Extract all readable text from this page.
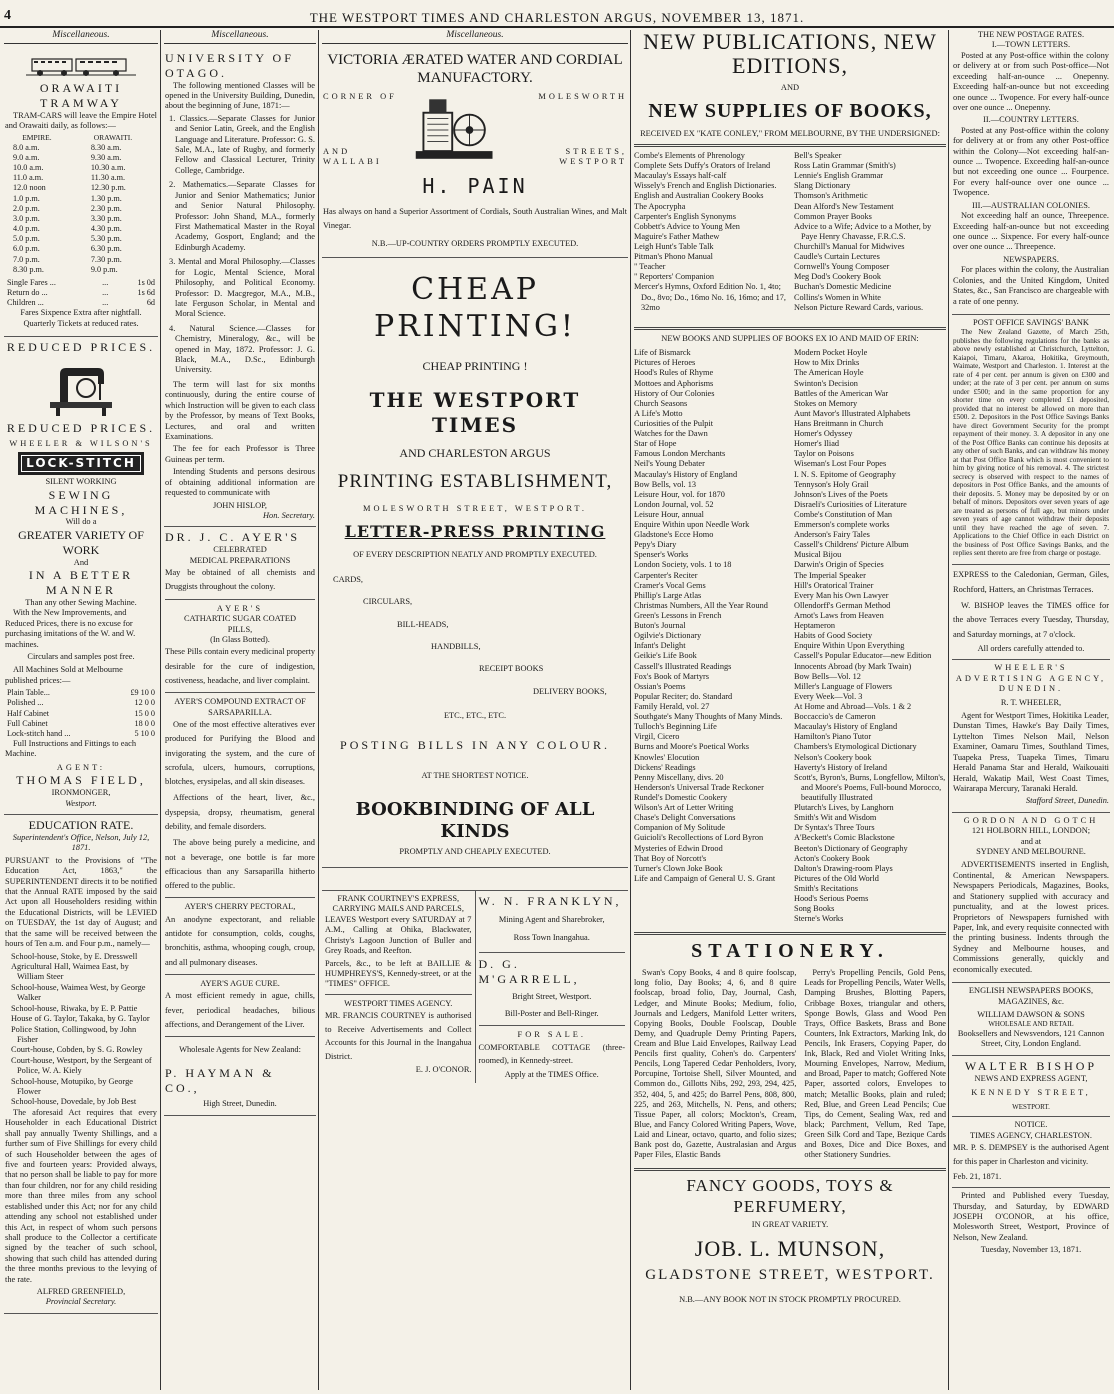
4	THE WESTPORT TIMES AND CHARLESTON ARGUS, NOVEMBER 13, 1871.
Miscellaneous.
ORAWAITI TRAMWAY

TRAM-CARS will leave the Empire Hotel and Orawaiti daily, as follows:—

EMPIRE.	ORAWAITI.
8.0 a.m.	8.30 a.m.
9.0 a.m.	9.30 a.m.
10.0 a.m.	10.30 a.m.
11.0 a.m.	11.30 a.m.
12.0 noon	12.30 p.m.
1.0 p.m.	1.30 p.m.
2.0 p.m.	2.30 p.m.
3.0 p.m.	3.30 p.m.
4.0 p.m.	4.30 p.m.
5.0 p.m.	5.30 p.m.
6.0 p.m.	6.30 p.m.
7.0 p.m.	7.30 p.m.
8.30 p.m.	9.0 p.m.
Single Fares ...	...	1s 0d
Return do ...	...	1s 6d
Children ...	...	6d

Fares Sixpence Extra after nightfall. Quarterly Tickets at reduced rates.

REDUCED PRICES.
REDUCED PRICES.
WHEELER & WILSON'S
LOCK-STITCH
SILENT WORKING
SEWING MACHINES,
Will do a
GREATER VARIETY OF WORK
And
IN A BETTER MANNER
Than any other Sewing Machine.

With the New Improvements, and Reduced Prices, there is no excuse for purchasing imitations of the W. and W. machines.

Circulars and samples post free.

All Machines Sold at Melbourne published prices:—

Plain Table...	£9 10 0
Polished ...	12 0 0
Half Cabinet	15 0 0
Full Cabinet	18 0 0
Lock-stitch hand ...	5 10 0

Full Instructions and Fittings to each Machine.

AGENT:
THOMAS FIELD,
IRONMONGER,
Westport.
EDUCATION RATE.

Superintendent's Office, Nelson, July 12, 1871.

PURSUANT to the Provisions of "The Education Act, 1863," the SUPERINTENDENT directs it to be notified that the Annual RATE imposed by the said Act upon all Householders residing within the Educational Districts, will be LEVIED on TUESDAY, the 1st day of August; and that the same will be received between the hours of Ten a.m. and Four p.m., namely—

School-house, Stoke, by E. Dresswell
Agricultural Hall, Waimea East, by William Steer
School-house, Waimea West, by George Walker
School-house, Riwaka, by E. P. Pattie
House of G. Taylor, Takaka, by G. Taylor
Police Station, Collingwood, by John Fisher
Court-house, Cobden, by S. G. Rowley
Court-house, Westport, by the Sergeant of Police, W. A. Kiely
School-house, Motupiko, by George Flower
School-house, Dovedale, by Job Best

The aforesaid Act requires that every Householder in each Educational District shall pay annually Twenty Shillings, and a further sum of Five Shillings for every child of such Householder between the ages of five and fourteen years: Provided always, that no person shall be liable to pay for more than four children, nor for any child residing more than three miles from any school established under this Act; nor for any child attending any school not established under this Act, in respect of whom such persons shall produce to the Collector a certificate signed by the teacher of such school, showing that such child has attended during the three months previous to the levying of the rate.

ALFRED GREENFIELD,
Provincial Secretary.
Miscellaneous.
UNIVERSITY OF OTAGO.

The following mentioned Classes will be opened in the University Building, Dunedin, about the beginning of June, 1871:—

1. Classics.—Separate Classes for Junior and Senior Latin, Greek, and the English Language and Literature. Professor: G. S. Sale, M.A., late of Rugby, and formerly Fellow and Classical Lecturer, Trinity College, Cambridge.

2. Mathematics.—Separate Classes for Junior and Senior Mathematics; Junior and Senior Natural Philosophy. Professor: John Shand, M.A., formerly First Mathematical Master in the Royal Academy, Gosport, England; and the Edinburgh Academy.

3. Mental and Moral Philosophy.—Classes for Logic, Mental Science, Moral Philosophy, and Political Economy. Professor: D. Macgregor, M.A., M.B., late Ferguson Scholar, in Mental and Moral Science.

4. Natural Science.—Classes for Chemistry, Mineralogy, &c., will be opened in May, 1872. Professor: J. G. Black, M.A., D.Sc., Edinburgh University.

The term will last for six months continuously, during the entire course of which Instruction will be given to each class by the Professor, by means of Text Books, Lectures, and oral and written Examinations.

The fee for each Professor is Three Guineas per term.

Intending Students and persons desirous of obtaining additional information are requested to communicate with

JOHN HISLOP,
Hon. Secretary.
DR. J. C. AYER'S
CELEBRATED
MEDICAL PREPARATIONS

May be obtained of all chemists and Druggists throughout the colony.

AYER'S
CATHARTIC SUGAR COATED
PILLS,
(In Glass Botted).

These Pills contain every medicinal property desirable for the cure of indigestion, costiveness, headache, and liver complaint.

AYER'S COMPOUND EXTRACT OF
SARSAPARILLA.

One of the most effective alteratives ever produced for Purifying the Blood and invigorating the system, and the cure of scrofula, ulcers, humours, corruptions, blotches, erysipelas, and all skin diseases.

Affections of the heart, liver, &c., dyspepsia, dropsy, rheumatism, general debility, and female disorders.

The above being purely a medicine, and not a beverage, one bottle is far more efficacious than any Sarsaparilla hitherto offered to the public.

AYER'S CHERRY PECTORAL,

An anodyne expectorant, and reliable antidote for consumption, colds, coughs, bronchitis, asthma, whooping cough, croup, and all pulmonary diseases.

AYER'S AGUE CURE.

A most efficient remedy in ague, chills, fever, periodical headaches, bilious affections, and Derangement of the Liver.

Wholesale Agents for New Zealand:
P. HAYMAN & CO.,
High Street, Dunedin.
Miscellaneous.
VICTORIA ÆRATED WATER AND CORDIAL
MANUFACTORY.
CORNER OF
AND WALLABI
MOLESWORTH
STREETS, WESTPORT
H. PAIN

Has always on hand a Superior Assortment of Cordials, South Australian Wines, and Malt Vinegar.

N.B.—UP-COUNTRY ORDERS PROMPTLY EXECUTED.

CHEAP PRINTING!
CHEAP PRINTING !
THE WESTPORT TIMES
AND CHARLESTON ARGUS
PRINTING ESTABLISHMENT,
MOLESWORTH STREET, WESTPORT.
LETTER-PRESS PRINTING
OF EVERY DESCRIPTION NEATLY AND PROMPTLY EXECUTED.
CARDS,
CIRCULARS,
BILL-HEADS,
HANDBILLS,
RECEIPT BOOKS
DELIVERY BOOKS,
ETC., ETC., ETC.
POSTING BILLS IN ANY COLOUR.
AT THE SHORTEST NOTICE.
BOOKBINDING OF ALL KINDS
PROMPTLY AND CHEAPLY EXECUTED.
FRANK COURTNEY'S EXPRESS,
CARRYING MAILS AND PARCELS,

LEAVES Westport every SATURDAY at 7 A.M., Calling at Ohika, Blackwater, Christy's Lagoon Junction of Buller and Grey Roads, and Reefton.

Parcels, &c., to be left at BAILLIE & HUMPHREYS'S, Kennedy-street, or at the "TIMES" OFFICE.

WESTPORT TIMES AGENCY.

MR. FRANCIS COURTNEY is authorised to Receive Advertisements and Collect Accounts for this Journal in the Inangahua District.

E. J. O'CONOR.
W. N. FRANKLYN,
Mining Agent and Sharebroker,
Ross Town Inangahua.
D. G. M'GARRELL,
Bright Street, Westport.
Bill-Poster and Bell-Ringer.
FOR SALE.

COMFORTABLE COTTAGE (three-roomed), in Kennedy-street.

Apply at the TIMES Office.
NEW PUBLICATIONS, NEW EDITIONS,
AND
NEW SUPPLIES OF BOOKS,
RECEIVED EX "KATE CONLEY," FROM MELBOURNE, BY THE UNDERSIGNED:
Combe's Elements of Phrenology
Complete Sets Duffy's Orators of Ireland
Macaulay's Essays half-calf
Wissely's French and English Dictionaries.
English and Australian Cookery Books
The Apocrypha
Carpenter's English Synonyms
Cobbett's Advice to Young Men
Maguire's Father Mathew
Leigh Hunt's Table Talk
Pitman's Phono Manual
" Teacher
" Reporters' Companion
Mercer's Hymns, Oxford Edition No. 1, 4to; Do., 8vo; Do., 16mo No. 16, 16mo; and 17, 32mo
Bell's Speaker
Ross Latin Grammar (Smith's)
Lennie's English Grammar
Slang Dictionary
Thomson's Arithmetic
Dean Alford's New Testament
Common Prayer Books
Advice to a Wife; Advice to a Mother, by Paye Henry Chavasse, F.R.C.S.
Churchill's Manual for Midwives
Caudle's Curtain Lectures
Cornwell's Young Composer
Meg Dod's Cookery Book
Buchan's Domestic Medicine
Collins's Women in White
Nelson Picture Reward Cards, various.
NEW BOOKS AND SUPPLIES OF BOOKS EX IO AND MAID OF ERIN:
Life of Bismarck
Pictures of Heroes
Hood's Rules of Rhyme
Mottoes and Aphorisms
History of Our Colonies
Church Seasons
A Life's Motto
Curiosities of the Pulpit
Watches for the Dawn
Star of Hope
Famous London Merchants
Neil's Young Debater
Macaulay's History of England
Bow Bells, vol. 13
Leisure Hour, vol. for 1870
London Journal, vol. 52
Leisure Hour, annual
Enquire Within upon Needle Work
Gladstone's Ecce Homo
Pepy's Diary
Spenser's Works
London Society, vols. 1 to 18
Carpenter's Reciter
Cramer's Vocal Gems
Phillip's Large Atlas
Christmas Numbers, All the Year Round
Green's Lessons in French
Buton's Journal
Ogilvie's Dictionary
Infant's Delight
Geikie's Life Book
Cassell's Illustrated Readings
Fox's Book of Martyrs
Ossian's Poems
Popular Reciter; do. Standard
Family Herald, vol. 27
Southgate's Many Thoughts of Many Minds.
Tulloch's Beginning Life
Virgil, Cicero
Burns and Moore's Poetical Works
Knowles' Elocution
Dickens' Readings
Penny Miscellany, divs. 20
Henderson's Universal Trade Reckoner
Rundel's Domestic Cookery
Wilson's Art of Letter Writing
Chase's Delight Conversations
Companion of My Solitude
Guicioli's Recollections of Lord Byron
Mysteries of Edwin Drood
That Boy of Norcott's
Turner's Clown Joke Book
Life and Campaign of General U. S. Grant
Modern Pocket Hoyle
How to Mix Drinks
The American Hoyle
Swinton's Decision
Battles of the American War
Stokes on Memory
Aunt Mavor's Illustrated Alphabets
Hans Breitmann in Church
Homer's Odyssey
Homer's Iliad
Taylor on Poisons
Wiseman's Lost Four Popes
I. N. S. Epitome of Geography
Tennyson's Holy Grail
Johnson's Lives of the Poets
Disraeli's Curiosities of Literature
Combe's Constitution of Man
Emmerson's complete works
Anderson's Fairy Tales
Cassell's Childrens' Picture Album
Musical Bijou
Darwin's Origin of Species
The Imperial Speaker
Hill's Oratorical Trainer
Every Man his Own Lawyer
Ollendorff's German Method
Arnot's Laws from Heaven
Heptameron
Habits of Good Society
Enquire Within Upon Everything
Cassell's Popular Educator—new Edition
Innocents Abroad (by Mark Twain)
Bow Bells—Vol. 12
Miller's Language of Flowers
Every Week—Vol. 3
At Home and Abroad—Vols. 1 & 2
Boccaccio's de Cameron
Macaulay's History of England
Hamilton's Piano Tutor
Chambers's Etymological Dictionary
Nelson's Cookery book
Haverty's History of Ireland
Scott's, Byron's, Burns, Longfellow, Milton's, and Moore's Poems, Full-bound Morocco, beautifully Illustrated
Plutarch's Lives, by Langhorn
Smith's Wit and Wisdom
Dr Syntax's Three Tours
A'Beckett's Comic Blackstone
Beeton's Dictionary of Geography
Acton's Cookery Book
Dalton's Drawing-room Plays
Pictures of the Old World
Smith's Recitations
Hood's Serious Poems
Song Books
Sterne's Works
STATIONERY.

Swan's Copy Books, 4 and 8 quire foolscap, long folio, Day Books; 4, 6, and 8 quire foolscap, broad folio, Day, Journal, Cash, Ledger, and Minute Books; Medium, folio, Journals and Ledgers, Manifold Letter writers, Copying Books, Double Foolscap, Double Demy, and Quadruple Demy Printing Papers, Cream and Blue Laid Envelopes, Railway Lead Pencils first quality, Cohen's do. Carpenters' Pencils, Long Tapered Cedar Penholders, Ivory, Porcupine, Tortoise Shell, Silver Mounted, and Common do., Gillotts Nibs, 292, 293, 294, 425, 352, 404, 5, and 425; do Barrel Pens, 808, 800, 225, and 263, Mitchells, N. Pens, and others; Tissue Paper, all colors; Mockton's, Cream, Blue, and Fancy Colored Writing Papers, Wove, Laid and Linear, octavo, quarto, and folio sizes; Bank post do, Gazette, Australasian and Argus Paper Files, Elastic Bands

Perry's Propelling Pencils, Gold Pens, Leads for Propelling Pencils, Water Wells, Damping Brushes, Blotting Papers, Cribbage Boxes, triangular and others, Sponge Bowls, Glass and Wood Pen Trays, Office Baskets, Brass and Bone Counters, Ink Extractors, Marking Ink, do Pencils, Ink Erasers, Copying Paper, do Ink, Black, Red and Violet Writing Inks, Mourning Envelopes, Narrow, Medium, and Broad, Paper to match; Goffered Note Paper, assorted colors, Envelopes to match; Metallic Books, plain and ruled; Red, Blue, and Green Lead Pencils; Cue Tips, do Cement, Sealing Wax, red and black; Parchment, Vellum, Red Tape, Green Silk Cord and Tape, Bezique Cards and Boxes, Dice and Dice Boxes, and other Stationery Sundries.

FANCY GOODS, TOYS & PERFUMERY,
IN GREAT VARIETY.
JOB. L. MUNSON,
GLADSTONE STREET, WESTPORT.
N.B.—ANY BOOK NOT IN STOCK PROMPTLY PROCURED.
THE NEW POSTAGE RATES.
I.—TOWN LETTERS.

Posted at any Post-office within the colony or delivery at or from such Post-office—Not exceeding half-an-ounce ... Onepenny. Exceeding half-an-ounce but not exceeding one ounce ... Twopence. For every half-ounce over one ounce ... Onepenny.

II.—COUNTRY LETTERS.

Posted at any Post-office within the colony for delivery at or from any other Post-office within the Colony—Not exceeding half-an-ounce ... Twopence. Exceeding half-an-ounce but not exceeding one ounce ... Fourpence. For every half-ounce over one ounce ... Twopence.

III.—AUSTRALIAN COLONIES.

Not exceeding half an ounce, Threepence. Exceeding half-an-ounce but not exceeding one ounce ... Sixpence. For every half-ounce over one ounce ... Threepence.

NEWSPAPERS.

For places within the colony, the Australian Colonies, and the United Kingdom, United States, &c., San Francisco are chargeable with a rate of one penny.

POST OFFICE SAVINGS' BANK

The New Zealand Gazette, of March 25th, publishes the following regulations for the banks as above newly established at Christchurch, Lyttelton, Kaiapoi, Timaru, Akaroa, Hokitika, Greymouth, Waimate, Westport and Charleston. 1. Interest at the rate of 4 per cent. per annum is given on £300 and under; at the rate of 3 per cent. per annum on sums under £500; and in the same proportion for any shorter time on every completed £1 deposited, provided that no interest be allowed on more than £500. 2. Depositors in the Post Office Savings Banks have direct Government Security for the prompt repayment of their money. 3. A depositor in any one of the Post Office Banks can continue his deposits at any other of such Banks, and can withdraw his money at that Post Office Bank which is most convenient to him by giving notice of his removal. 4. The strictest secrecy is observed with respect to the names of depositors in Post Office Banks, and the amounts of their deposits. 5. Money may be deposited by or on behalf of minors. Depositors over seven years of age are treated as persons of full age, but minors under seven years of age cannot withdraw their deposits until they have reached the age of seven. 7. Applications to the Chief Office in each District on the business of Post Office Savings Banks, and the replies sent thereto are free from charge or postage.

EXPRESS to the Caledonian, German, Giles, Rochford, Hatters, an Christmas Terraces.

W. BISHOP leaves the TIMES office for the above Terraces every Tuesday, Thursday, and Saturday mornings, at 7 o'clock.

All orders carefully attended to.
WHEELER'S ADVERTISING AGENCY, DUNEDIN.
R. T. WHEELER,

Agent for Westport Times, Hokitika Leader, Dunstan Times, Hawke's Bay Daily Times, Lyttelton Times Nelson Mail, Nelson Examiner, Oamaru Times, Southland Times, Tuapeka Press, Tuapeka Times, Timaru Herald Panama Star and Herald, Waikouaiti Herald, Wakatip Mail, West Coast Times, Wairarapa Mercury, Taranaki Herald.

Stafford Street, Dunedin.
GORDON AND GOTCH
121 HOLBORN HILL, LONDON;
and at
SYDNEY AND MELBOURNE.

ADVERTISEMENTS inserted in English, Continental, & American Newspapers. Newspapers Periodicals, Magazines, Books, and Stationery supplied with accuracy and punctuality, and at the lowest prices. Proprietors of Newspapers furnished with Paper, Ink, and every requisite connected with the printing business. Indents through the Sydney and Melbourne houses, and Commissions generally, quickly and economically executed.

ENGLISH NEWSPAPERS BOOKS, MAGAZINES, &c.
WILLIAM DAWSON & SONS
WHOLESALE AND RETAIL
Booksellers and Newsvendors, 121 Cannon Street, City, London England.
WALTER BISHOP
NEWS AND EXPRESS AGENT,
KENNEDY STREET,
WESTPORT.
NOTICE.
TIMES AGENCY, CHARLESTON.

MR. P. S. DEMPSEY is the authorised Agent for this paper in Charleston and vicinity.

Feb. 21, 1871.

Printed and Published every Tuesday, Thursday, and Saturday, by EDWARD JOSEPH O'CONOR, at his office, Molesworth Street, Westport, Province of Nelson, New Zealand.

Tuesday, November 13, 1871.
